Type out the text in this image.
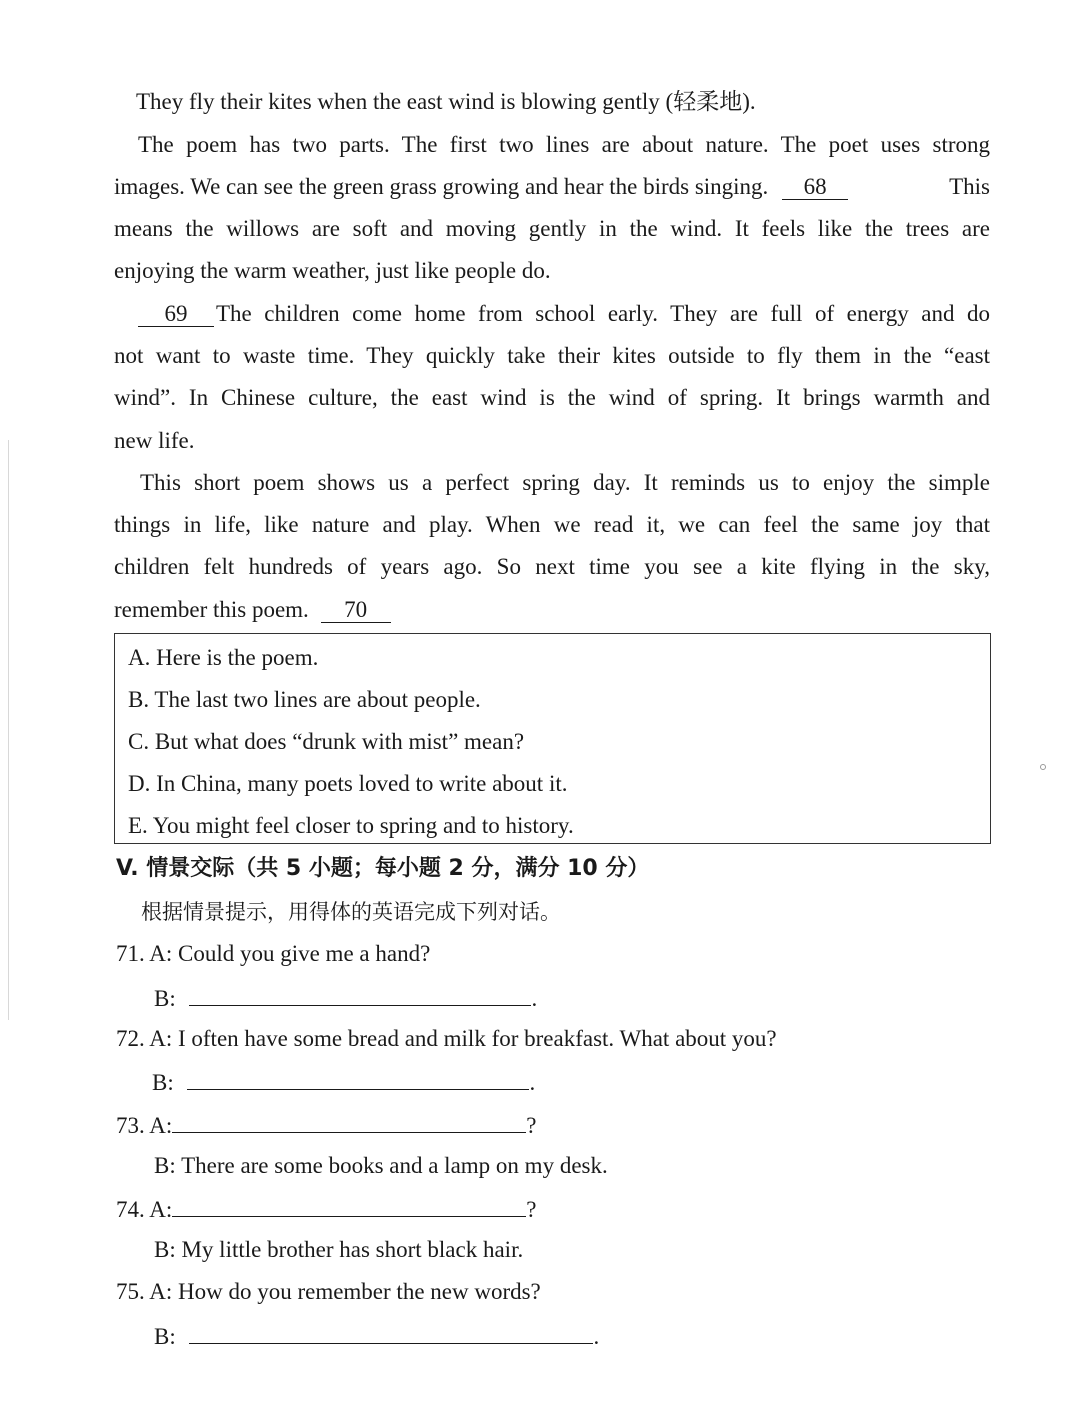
They fly their kites when the east wind is blowing gently (轻柔地).
The poem has two parts. The first two lines are about nature. The poet uses strong
images. We can see the green grass growing and hear the birds singing. 68	This
means the willows are soft and moving gently in the wind. It feels like the trees are
enjoying the warm weather, just like people do.
69 The children come home from school early. They are full of energy and do
not want to waste time. They quickly take their kites outside to fly them in the “east
wind”. In Chinese culture, the east wind is the wind of spring. It brings warmth and
new life.
This short poem shows us a perfect spring day. It reminds us to enjoy the simple
things in life, like nature and play. When we read it, we can feel the same joy that
children felt hundreds of years ago. So next time you see a kite flying in the sky,
remember this poem. 70
A. Here is the poem.
B. The last two lines are about people.
C. But what does “drunk with mist” mean?
D. In China, many poets loved to write about it.
E. You might feel closer to spring and to history.
V. 情景交际（共 5 小题；每小题 2 分，满分 10 分）
根据情景提示，用得体的英语完成下列对话。
71. A: Could you give me a hand?
B:	.
72. A: I often have some bread and milk for breakfast. What about you?
B:	.
73. A:	?
B: There are some books and a lamp on my desk.
74. A:	?
B: My little brother has short black hair.
75. A: How do you remember the new words?
B:	.
